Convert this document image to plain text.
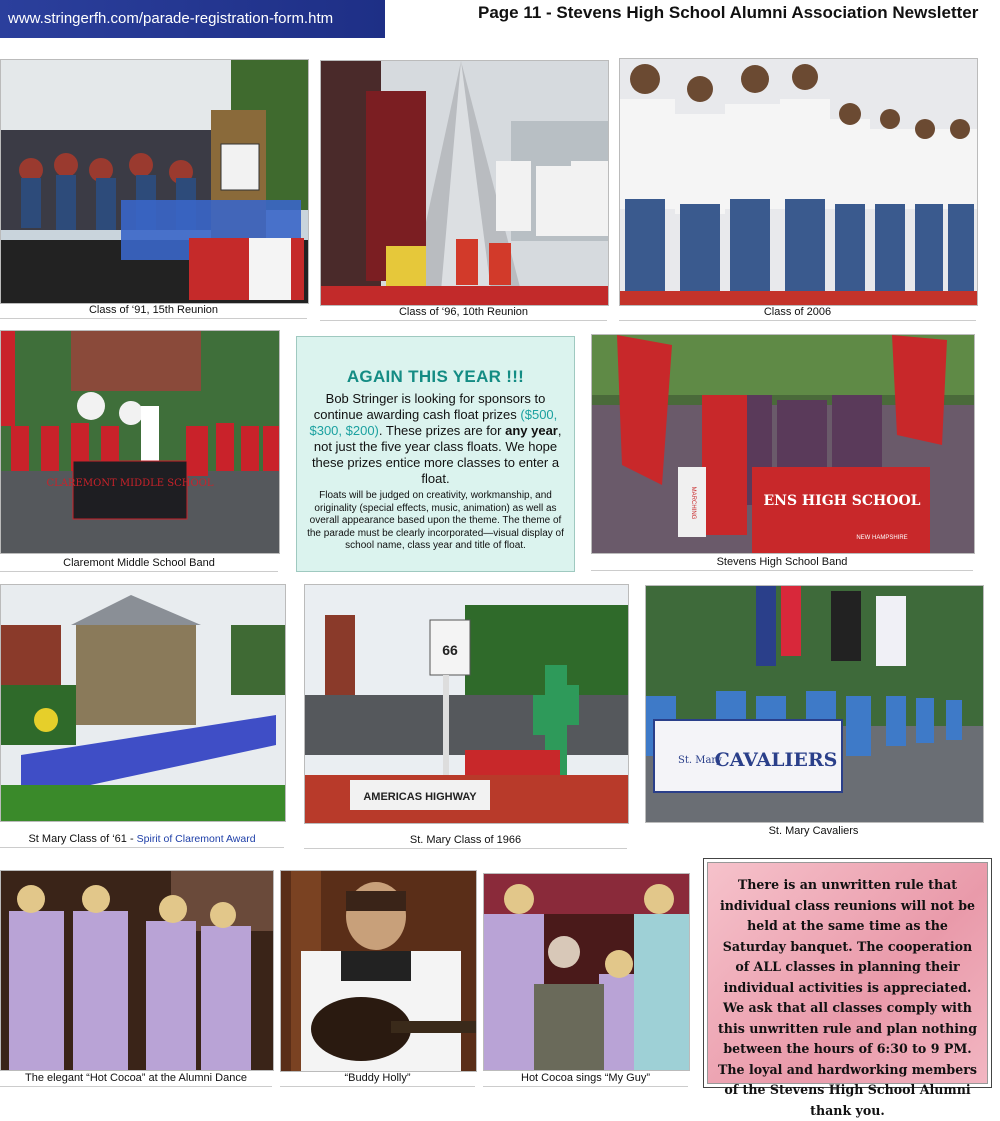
www.stringerfh.com/parade-registration-form.htm	Page 11 - Stevens High School Alumni Association Newsletter
Class of ‘91, 15th Reunion	Class of ‘96, 10th Reunion	Class of 2006
CLAREMONT MIDDLE SCHOOL
Claremont Middle School Band
AGAIN THIS YEAR !!!

Bob Stringer is looking for sponsors to continue awarding cash float prizes ($500, $300, $200). These prizes are for any year, not just the five year class floats. We hope these prizes entice more classes to enter a float.

Floats will be judged on creativity, workmanship, and originality (special effects, music, animation) as well as overall appearance based upon the theme. The theme of the parade must be clearly incorporated—visual display of school name, class year and title of float.

ENS HIGH SCHOOL
NEW HAMPSHIRE
MARCHING
Stevens High School Band
St Mary Class of ‘61 - Spirit of Claremont Award
AMERICAS HIGHWAY
66
St. Mary Class of 1966
St. Mary
CAVALIERS
St. Mary Cavaliers
The elegant “Hot Cocoa” at the Alumni Dance	“Buddy Holly”	Hot Cocoa sings “My Guy”
There is an unwritten rule that individual class reunions will not be held at the same time as the Saturday banquet. The cooperation of ALL classes in planning their individual activities is appreciated. We ask that all classes comply with this unwritten rule and plan nothing between the hours of 6:30 to 9 PM. The loyal and hardworking members of the Stevens High School Alumni thank you.
